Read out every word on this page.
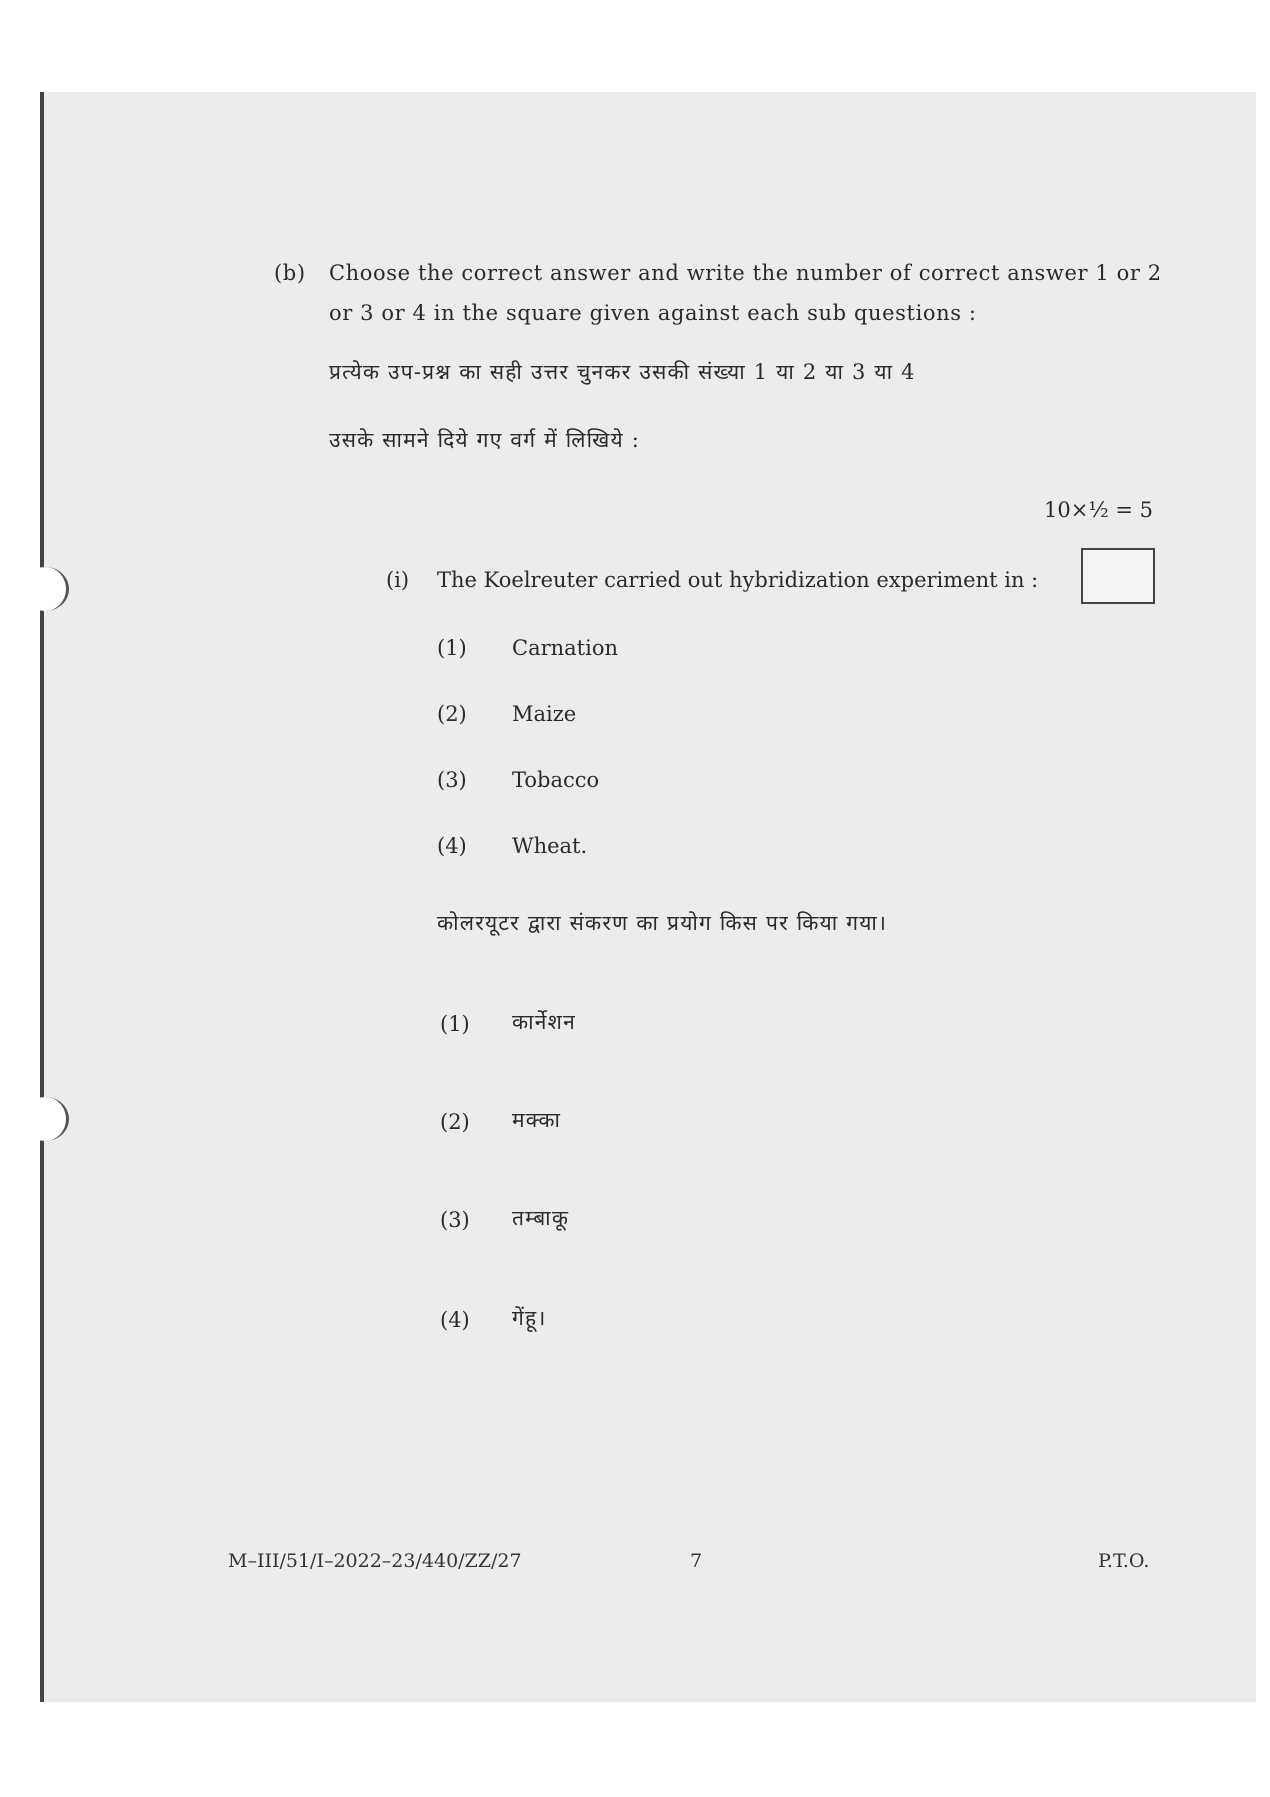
(b) Choose the correct answer and write the number of correct answer 1 or 2
or 3 or 4 in the square given against each sub questions :
प्रत्येक उप-प्रश्न का सही उत्तर चुनकर उसकी संख्या 1 या 2 या 3 या 4
उसके सामने दिये गए वर्ग में लिखिये :
10×½ = 5
(i) The Koelreuter carried out hybridization experiment in :
(1) Carnation
(2) Maize
(3) Tobacco
(4) Wheat.
कोलरयूटर द्वारा संकरण का प्रयोग किस पर किया गया।
(1) कार्नेशन
(2) मक्का
(3) तम्बाकू
(4) गेंहू।
M–III/51/I–2022–23/440/ZZ/27	7	P.T.O.
